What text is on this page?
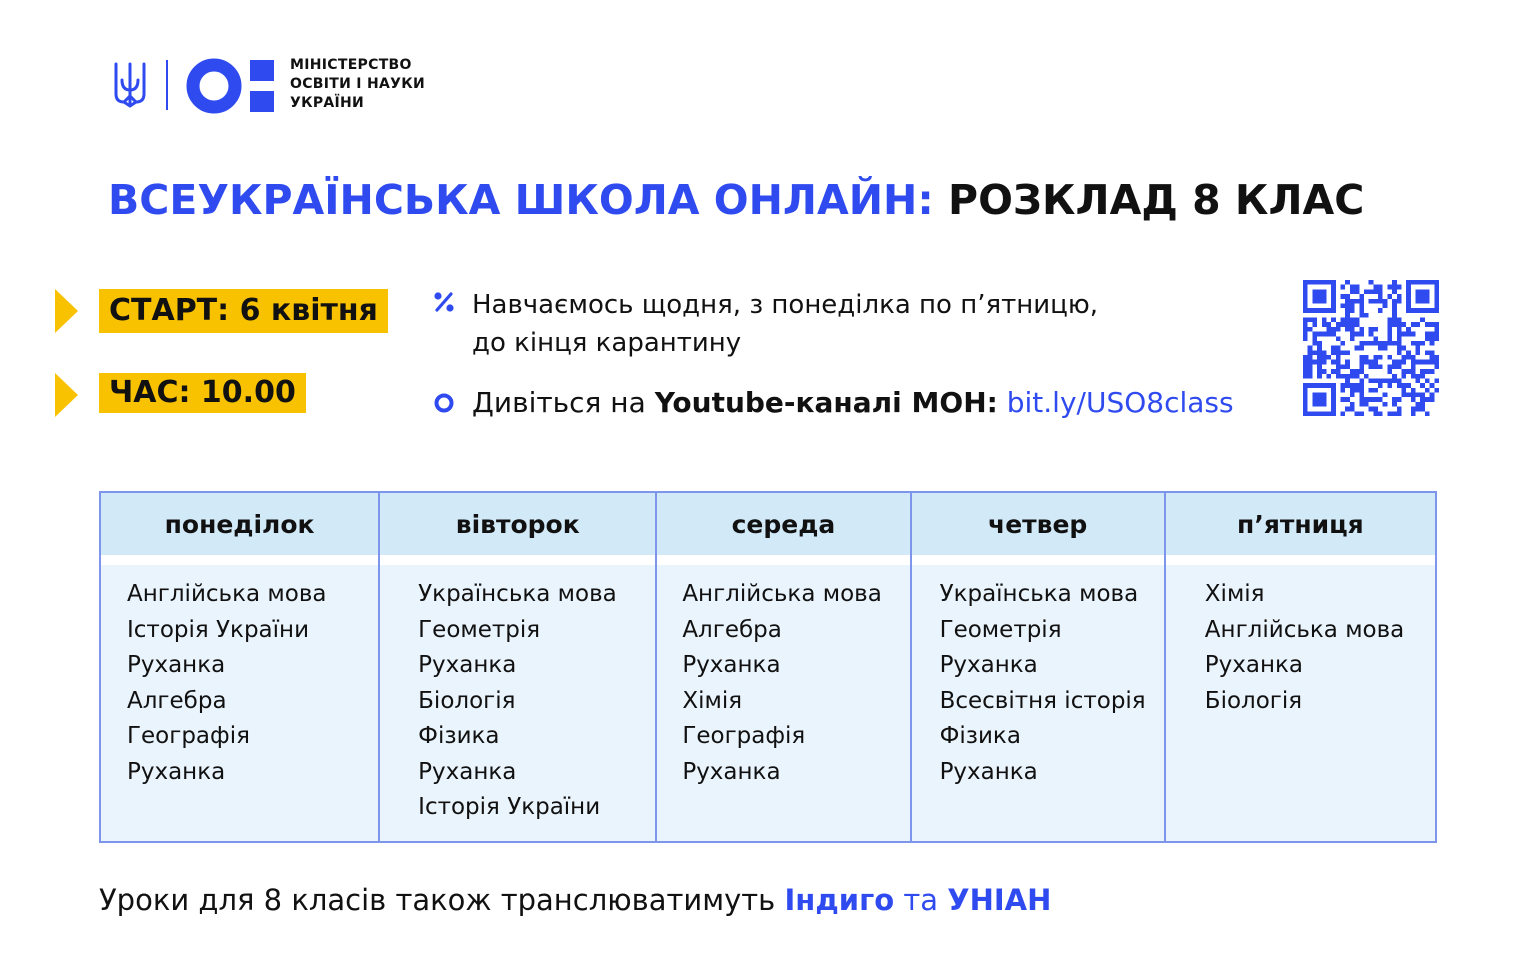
МІНІСТЕРСТВО
ОСВІТИ І НАУКИ
УКРАЇНИ
ВСЕУКРАЇНСЬКА ШКОЛА ОНЛАЙН: РОЗКЛАД 8 КЛАС
СТАРТ: 6 квітня
ЧАС: 10.00
Навчаємось щодня, з понеділка по п’ятницю,
до кінця карантину
Дивіться на Youtube-каналі МОН: bit.ly/USO8class
понеділок
Англійська мова
Історія України
Руханка
Алгебра
Географія
Руханка
вівторок
Українська мова
Геометрія
Руханка
Біологія
Фізика
Руханка
Історія України
середа
Англійська мова
Алгебра
Руханка
Хімія
Географія
Руханка
четвер
Українська мова
Геометрія
Руханка
Всесвітня історія
Фізика
Руханка
п’ятниця
Хімія
Англійська мова
Руханка
Біологія
Уроки для 8 класів також транслюватимуть Індиго та УНІАН
